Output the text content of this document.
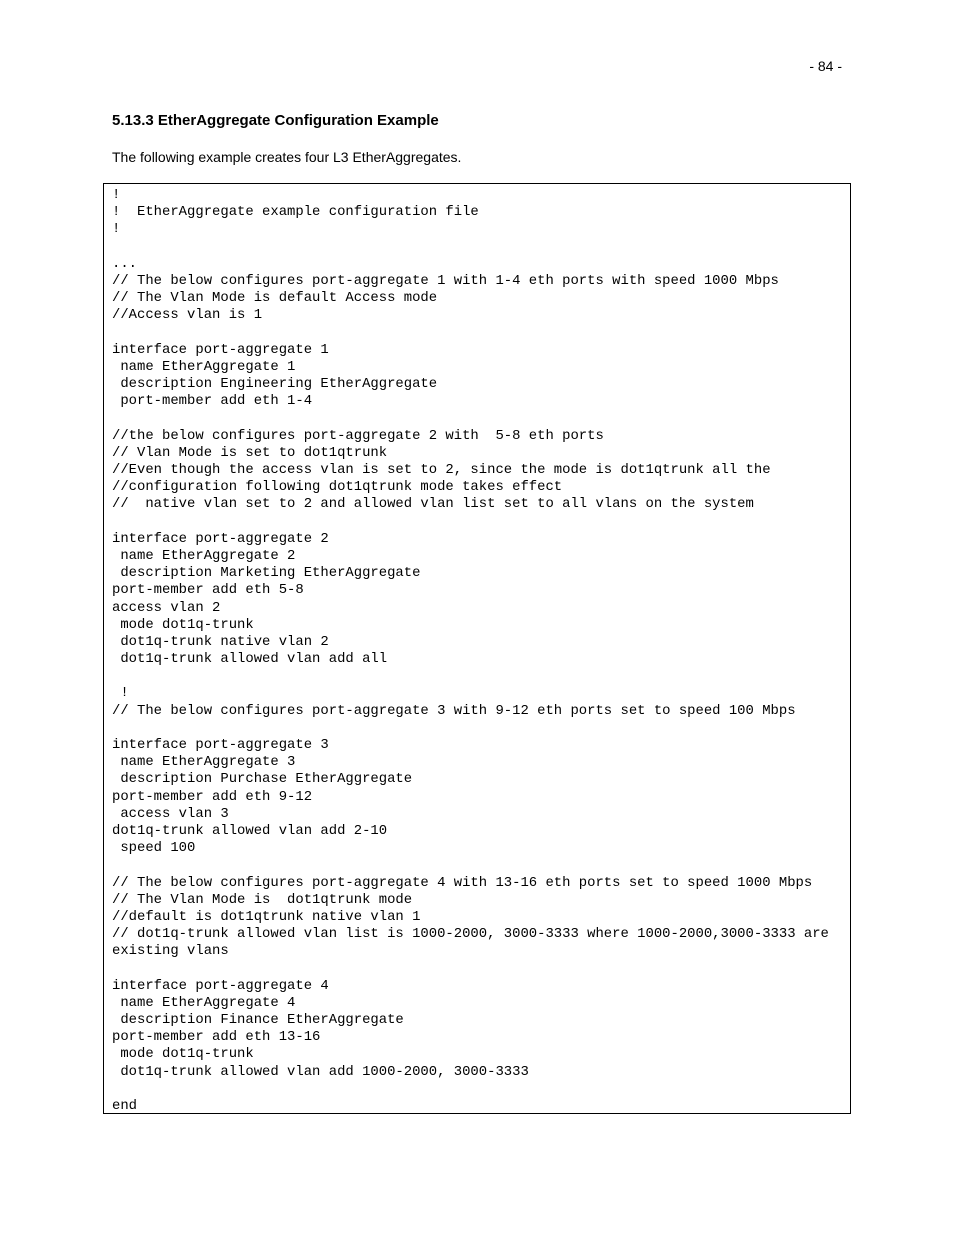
- 84 -
5.13.3 EtherAggregate Configuration Example

The following example creates four L3 EtherAggregates.

!
!  EtherAggregate example configuration file
!
...
// The below configures port-aggregate 1 with 1-4 eth ports with speed 1000 Mbps
// The Vlan Mode is default Access mode
//Access vlan is 1
interface port-aggregate 1
name EtherAggregate 1
description Engineering EtherAggregate
port-member add eth 1-4
//the below configures port-aggregate 2 with  5-8 eth ports
// Vlan Mode is set to dot1qtrunk
//Even though the access vlan is set to 2, since the mode is dot1qtrunk all the
//configuration following dot1qtrunk mode takes effect
//  native vlan set to 2 and allowed vlan list set to all vlans on the system
interface port-aggregate 2
name EtherAggregate 2
description Marketing EtherAggregate
port-member add eth 5-8
access vlan 2
mode dot1q-trunk
dot1q-trunk native vlan 2
dot1q-trunk allowed vlan add all
!
// The below configures port-aggregate 3 with 9-12 eth ports set to speed 100 Mbps
interface port-aggregate 3
name EtherAggregate 3
description Purchase EtherAggregate
port-member add eth 9-12
access vlan 3
dot1q-trunk allowed vlan add 2-10
speed 100
// The below configures port-aggregate 4 with 13-16 eth ports set to speed 1000 Mbps
// The Vlan Mode is  dot1qtrunk mode
//default is dot1qtrunk native vlan 1
// dot1q-trunk allowed vlan list is 1000-2000, 3000-3333 where 1000-2000,3000-3333 are
existing vlans
interface port-aggregate 4
name EtherAggregate 4
description Finance EtherAggregate
port-member add eth 13-16
mode dot1q-trunk
dot1q-trunk allowed vlan add 1000-2000, 3000-3333
end
